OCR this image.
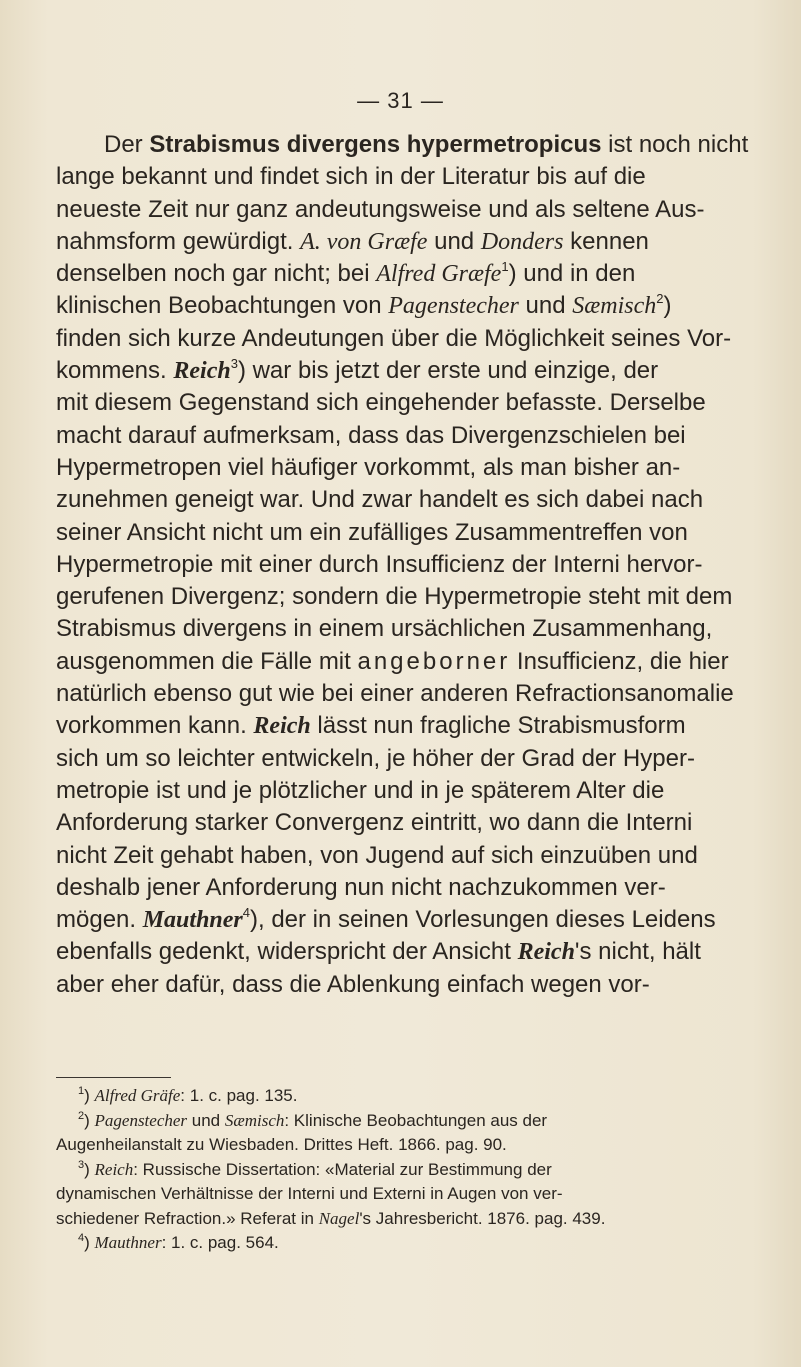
— 31 —
Der Strabismus divergens hypermetropicus ist noch nicht
lange bekannt und findet sich in der Literatur bis auf die
neueste Zeit nur ganz andeutungsweise und als seltene Aus-
nahmsform gewürdigt. A. von Græfe und Donders kennen
denselben noch gar nicht; bei Alfred Græfe$^1$) und in den
klinischen Beobachtungen von Pagenstecher und Sæmisch$^2$)
finden sich kurze Andeutungen über die Möglichkeit seines Vor-
kommens. Reich$^3$) war bis jetzt der erste und einzige, der
mit diesem Gegenstand sich eingehender befasste. Derselbe
macht darauf aufmerksam, dass das Divergenzschielen bei
Hypermetropen viel häufiger vorkommt, als man bisher an-
zunehmen geneigt war. Und zwar handelt es sich dabei nach
seiner Ansicht nicht um ein zufälliges Zusammentreffen von
Hypermetropie mit einer durch Insufficienz der Interni hervor-
gerufenen Divergenz; sondern die Hypermetropie steht mit dem
Strabismus divergens in einem ursächlichen Zusammenhang,
ausgenommen die Fälle mit angeborner Insufficienz, die hier
natürlich ebenso gut wie bei einer anderen Refractionsanomalie
vorkommen kann. Reich lässt nun fragliche Strabismusform
sich um so leichter entwickeln, je höher der Grad der Hyper-
metropie ist und je plötzlicher und in je späterem Alter die
Anforderung starker Convergenz eintritt, wo dann die Interni
nicht Zeit gehabt haben, von Jugend auf sich einzuüben und
deshalb jener Anforderung nun nicht nachzukommen ver-
mögen. Mauthner$^4$), der in seinen Vorlesungen dieses Leidens
ebenfalls gedenkt, widerspricht der Ansicht Reich's nicht, hält
aber eher dafür, dass die Ablenkung einfach wegen vor-
$^1$) Alfred Gräfe: 1. c. pag. 135.
$^2$) Pagenstecher und Sæmisch: Klinische Beobachtungen aus der
Augenheilanstalt zu Wiesbaden. Drittes Heft. 1866. pag. 90.
$^3$) Reich: Russische Dissertation: «Material zur Bestimmung der
dynamischen Verhältnisse der Interni und Externi in Augen von ver-
schiedener Refraction.» Referat in Nagel's Jahresbericht. 1876. pag. 439.
$^4$) Mauthner: 1. c. pag. 564.
